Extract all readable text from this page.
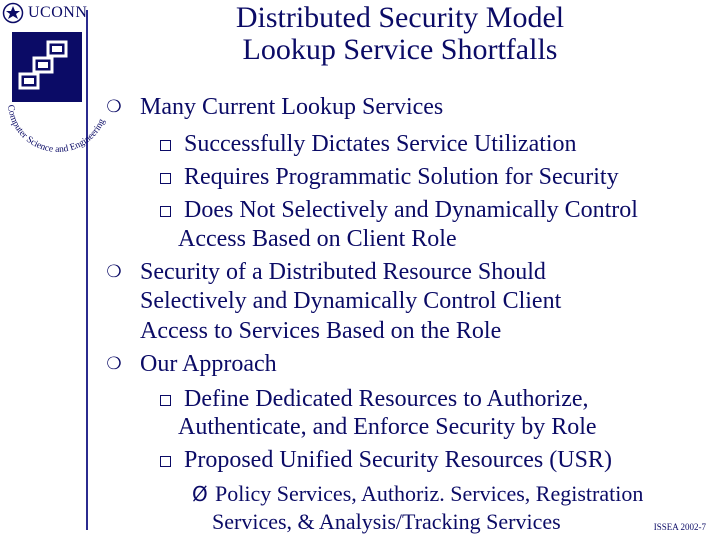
UCONN
Computer Science and Engineering
Distributed Security Model
Lookup Service Shortfalls
❍ Many Current Lookup Services
Successfully Dictates Service Utilization
Requires Programmatic Solution for Security
Does Not Selectively and Dynamically Control
Access Based on Client Role
❍ Security of a Distributed Resource Should
Selectively and Dynamically Control Client
Access to Services Based on the Role
❍ Our Approach
Define Dedicated Resources to Authorize,
Authenticate, and Enforce Security by Role
Proposed Unified Security Resources (USR)
Ø Policy Services, Authoriz. Services, Registration
Services, & Analysis/Tracking Services	ISSEA 2002-7
